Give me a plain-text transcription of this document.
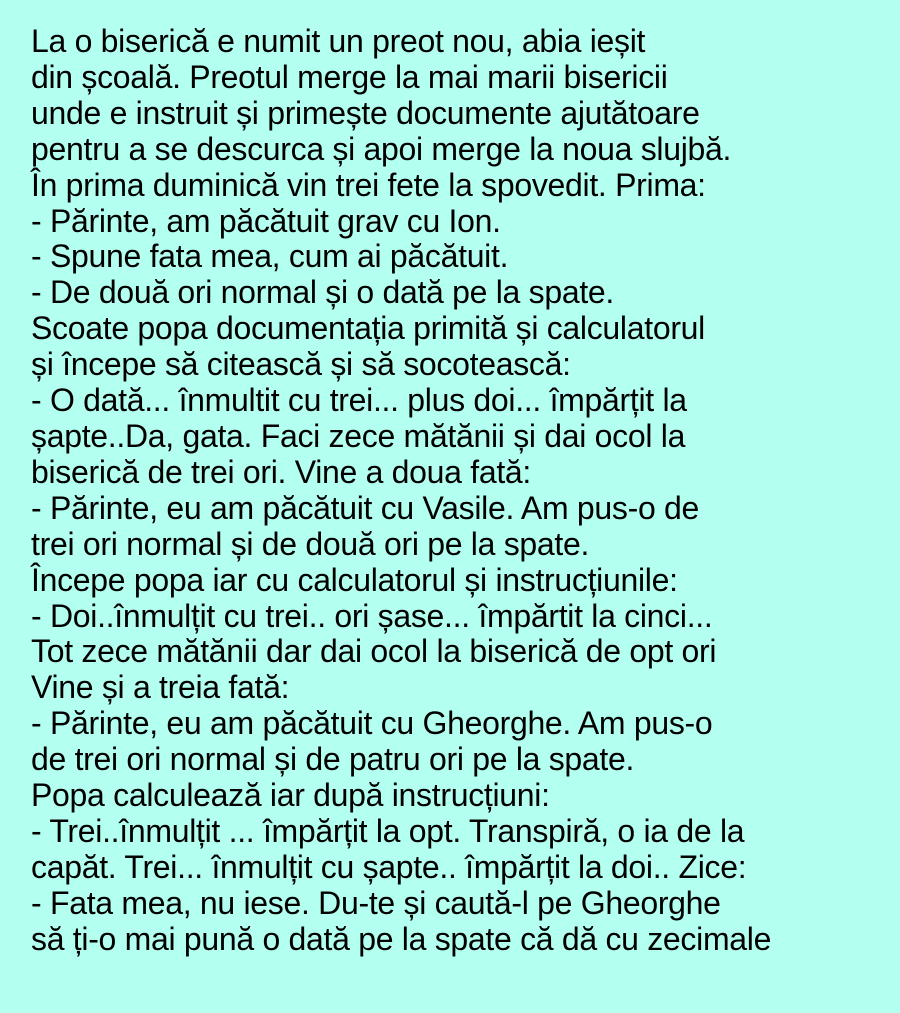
La o biserică e numit un preot nou, abia ieșit
din școală. Preotul merge la mai marii bisericii
unde e instruit și primește documente ajutătoare
pentru a se descurca și apoi merge la noua slujbă.
În prima duminică vin trei fete la spovedit. Prima:
- Părinte, am păcătuit grav cu Ion.
- Spune fata mea, cum ai păcătuit.
- De două ori normal și o dată pe la spate.
Scoate popa documentația primită și calculatorul
și începe să citească și să socotească:
- O dată... înmultit cu trei... plus doi... împărțit la
șapte..Da, gata. Faci zece mătănii și dai ocol la
biserică de trei ori. Vine a doua fată:
- Părinte, eu am păcătuit cu Vasile. Am pus-o de
trei ori normal și de două ori pe la spate.
Începe popa iar cu calculatorul și instrucțiunile:
- Doi..înmulțit cu trei.. ori șase... împărtit la cinci...
Tot zece mătănii dar dai ocol la biserică de opt ori
Vine și a treia fată:
- Părinte, eu am păcătuit cu Gheorghe. Am pus-o
de trei ori normal și de patru ori pe la spate.
Popa calculează iar după instrucțiuni:
- Trei..înmulțit ... împărțit la opt. Transpiră, o ia de la
capăt. Trei... înmulțit cu șapte.. împărțit la doi.. Zice:
- Fata mea, nu iese. Du-te și caută-l pe Gheorghe
să ți-o mai pună o dată pe la spate că dă cu zecimale
